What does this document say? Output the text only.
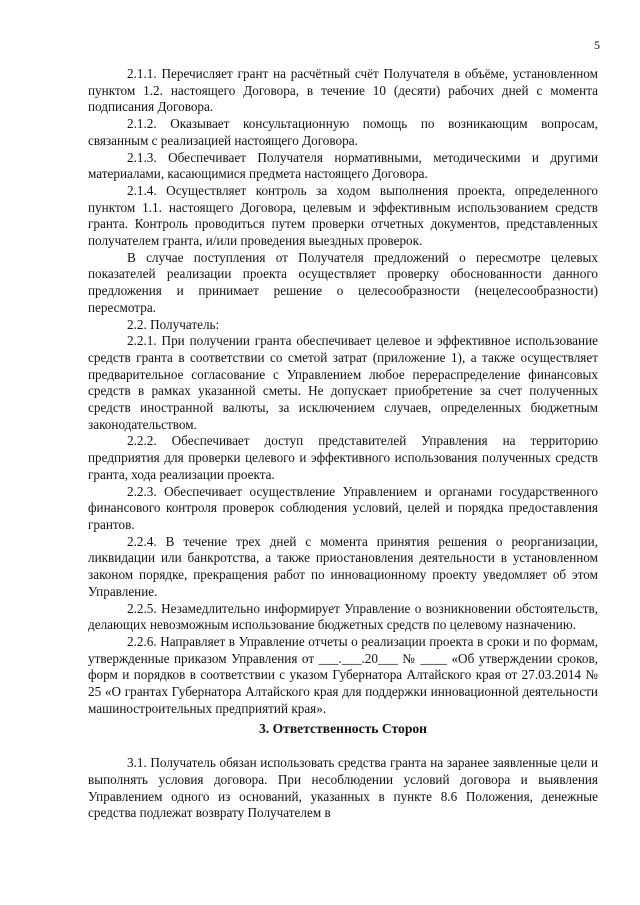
5

2.1.1. Перечисляет грант на расчётный счёт Получателя в объёме, установленном пунктом 1.2. настоящего Договора, в течение 10 (десяти) рабочих дней с момента подписания Договора.

2.1.2. Оказывает консультационную помощь по возникающим вопросам, связанным с реализацией настоящего Договора.

2.1.3. Обеспечивает Получателя нормативными, методическими и другими материалами, касающимися предмета настоящего Договора.

2.1.4. Осуществляет контроль за ходом выполнения проекта, определенного пунктом 1.1. настоящего Договора, целевым и эффективным использованием средств гранта. Контроль проводиться путем проверки отчетных документов, представленных получателем гранта, и/или проведения выездных проверок.

В случае поступления от Получателя предложений о пересмотре целевых показателей реализации проекта осуществляет проверку обоснованности данного предложения и принимает решение о целесообразности (нецелесообразности) пересмотра.

2.2. Получатель:

2.2.1. При получении гранта обеспечивает целевое и эффективное использование средств гранта в соответствии со сметой затрат (приложение 1), а также осуществляет предварительное согласование с Управлением любое перераспределение финансовых средств в рамках указанной сметы. Не допускает приобретение за счет полученных средств иностранной валюты, за исключением случаев, определенных бюджетным законодательством.

2.2.2. Обеспечивает доступ представителей Управления на территорию предприятия для проверки целевого и эффективного использования полученных средств гранта, хода реализации проекта.

2.2.3. Обеспечивает осуществление Управлением и органами государственного финансового контроля проверок соблюдения условий, целей и порядка предоставления грантов.

2.2.4. В течение трех дней с момента принятия решения о реорганизации, ликвидации или банкротства, а также приостановления деятельности в установленном законом порядке, прекращения работ по инновационному проекту уведомляет об этом Управление.

2.2.5. Незамедлительно информирует Управление о возникновении обстоятельств, делающих невозможным использование бюджетных средств по целевому назначению.

2.2.6. Направляет в Управление отчеты о реализации проекта в сроки и по формам, утвержденные приказом Управления от ___.___.20___ № ____ «Об утверждении сроков, форм и порядков в соответствии с указом Губернатора Алтайского края от 27.03.2014 № 25 «О грантах Губернатора Алтайского края для поддержки инновационной деятельности машиностроительных предприятий края».

3. Ответственность Сторон

3.1. Получатель обязан использовать средства гранта на заранее заявленные цели и выполнять условия договора. При несоблюдении условий договора и выявления Управлением одного из оснований, указанных в пункте 8.6 Положения, денежные средства подлежат возврату Получателем в
